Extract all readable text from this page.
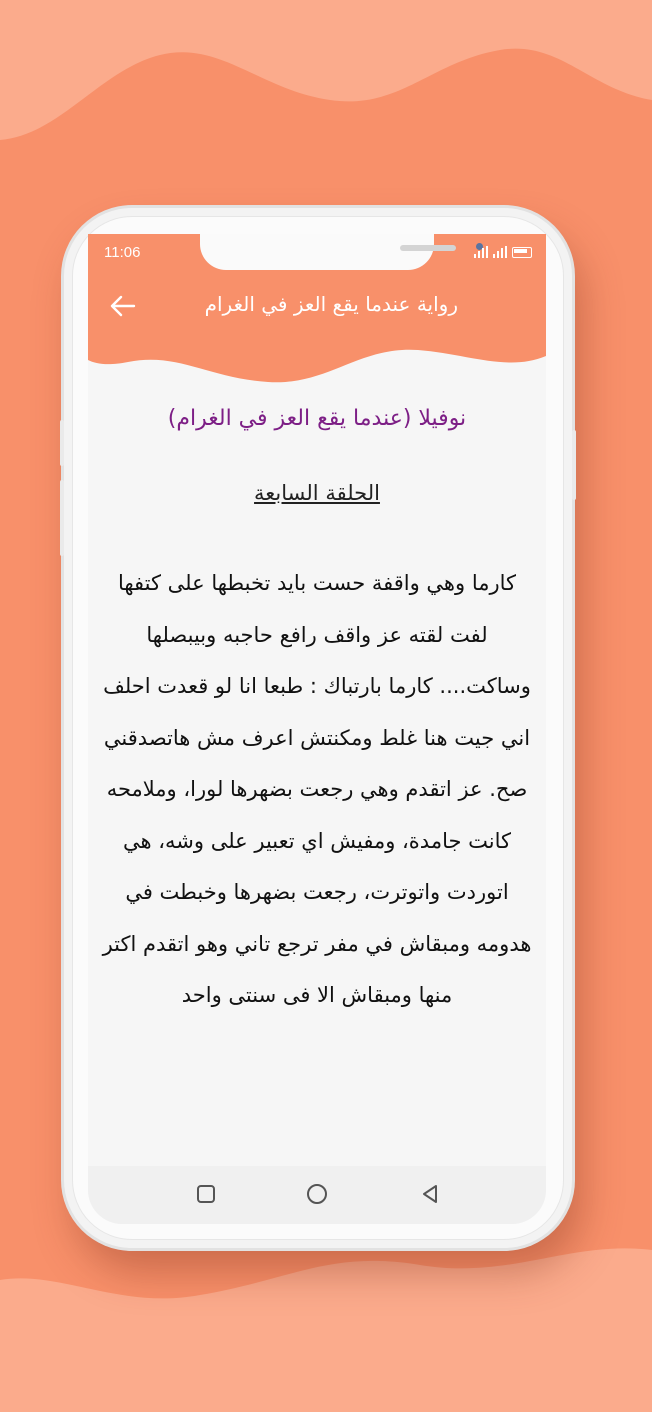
11:06
رواية عندما يقع العز في الغرام

نوفيلا (عندما يقع العز في الغرام)

الحلقة السابعة
كارما وهي واقفة حست بايد تخبطها على كتفها لفت لقته عز واقف رافع حاجبه وبيبصلها وساكت.... كارما بارتباك : طبعا انا لو قعدت احلف اني جيت هنا غلط ومكنتش اعرف مش هاتصدقني صح. عز اتقدم وهي رجعت بضهرها لورا، وملامحه كانت جامدة، ومفيش اي تعبير على وشه، هي اتوردت واتوترت، رجعت بضهرها وخبطت في هدومه ومبقاش في مفر ترجع تاني وهو اتقدم اكتر منها ومبقاش الا فى سنتى واحد
